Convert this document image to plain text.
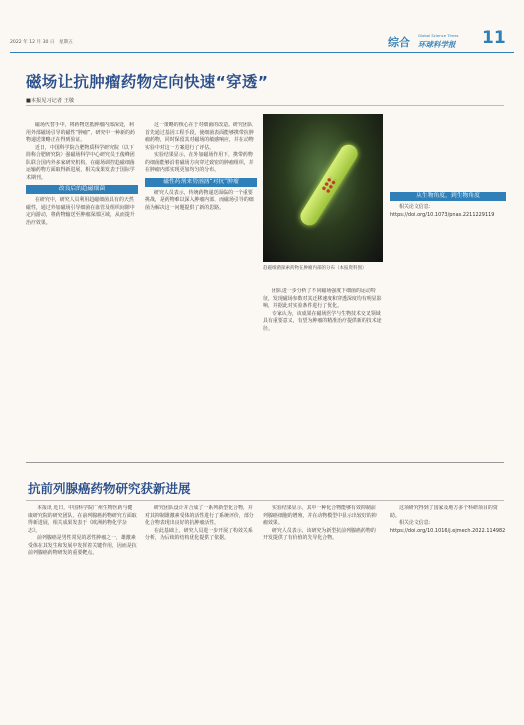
2022 年 12 月 30 日　星期五	综合
Global Science Times
环球科学报 11
磁场让抗肿瘤药物定向快速“穿透”
■本报见习记者 王敬

磁场代替手中，将药物送抵肿瘤内部深处，利用外部磁场引导的磁性“肿瘤”，研究中一种新的药物递送策略正在得到验证。

近日，中国科学院合肥物质科学研究院（以下简称合肥研究院）强磁场科学中心研究员王俊峰团队联合国内外多家研究机构，在磁场调控趋磁细菌运输药物方面取得新进展，相关成果发表于国际学术期刊。

改良后的趋磁细菌

在研究中，研究人员利用趋磁细菌具有的天然磁性，通过外加磁场引导细菌在血管及组织间隙中定向游动，将药物输送至肿瘤深部区域，从而提升治疗效果。

这一策略的核心在于对细菌的改造。研究团队首先通过基因工程手段，使细菌表面能够携带抗肿瘤药物，同时保留其对磁场的敏感响应，并在动物实验中对这一方案进行了评估。

实验结果显示，在外加磁场作用下，携带药物的细菌能够沿着磁场方向穿过致密的肿瘤组织，并在肿瘤内部实现更加均匀的分布。

磁性药剂来势汹汹“对抗”肿瘤

研究人员表示，传统药物递送面临的一个重要挑战，是药物难以深入肿瘤内部，而磁场引导的细菌为解决这一问题提供了新的思路。

趋磁细菌探索药物在肿瘤内部的分布（本报资料图）

团队进一步分析了不同磁场强度下细菌的运动特征，发现磁场参数对其迁移速度和穿透深度均有明显影响，并据此对实验条件进行了优化。

专家认为，该成果在磁场医学与生物技术交叉领域具有重要意义，有望为肿瘤的精准治疗提供新的技术途径。

从生物角度，到生物角度

相关论文信息：https://doi.org/10.1073/pnas.2211229119

抗前列腺癌药物研究获新进展

本报讯 近日，中国科学院广州生物医药与健康研究院的研究团队，在前列腺癌药物研究方面取得新进展，相关成果发表于《欧洲药物化学杂志》。

前列腺癌是男性常见的恶性肿瘤之一，雄激素受体在其发生和发展中发挥着关键作用，因而是抗前列腺癌药物研发的重要靶点。

研究团队设计并合成了一系列新型化合物，并对其抑制雄激素受体的活性进行了系统评价，部分化合物表现出良好的抗肿瘤活性。

在此基础上，研究人员进一步开展了构效关系分析，为后续的结构优化提供了依据。

实验结果显示，其中一种化合物能够有效抑制前列腺癌细胞的增殖，并在动物模型中显示出较好的抑瘤效果。

研究人员表示，该研究为新型抗前列腺癌药物的开发提供了有价值的先导化合物。

这项研究得到了国家及地方多个科研项目的资助。

相关论文信息：https://doi.org/10.1016/j.ejmech.2022.114982
